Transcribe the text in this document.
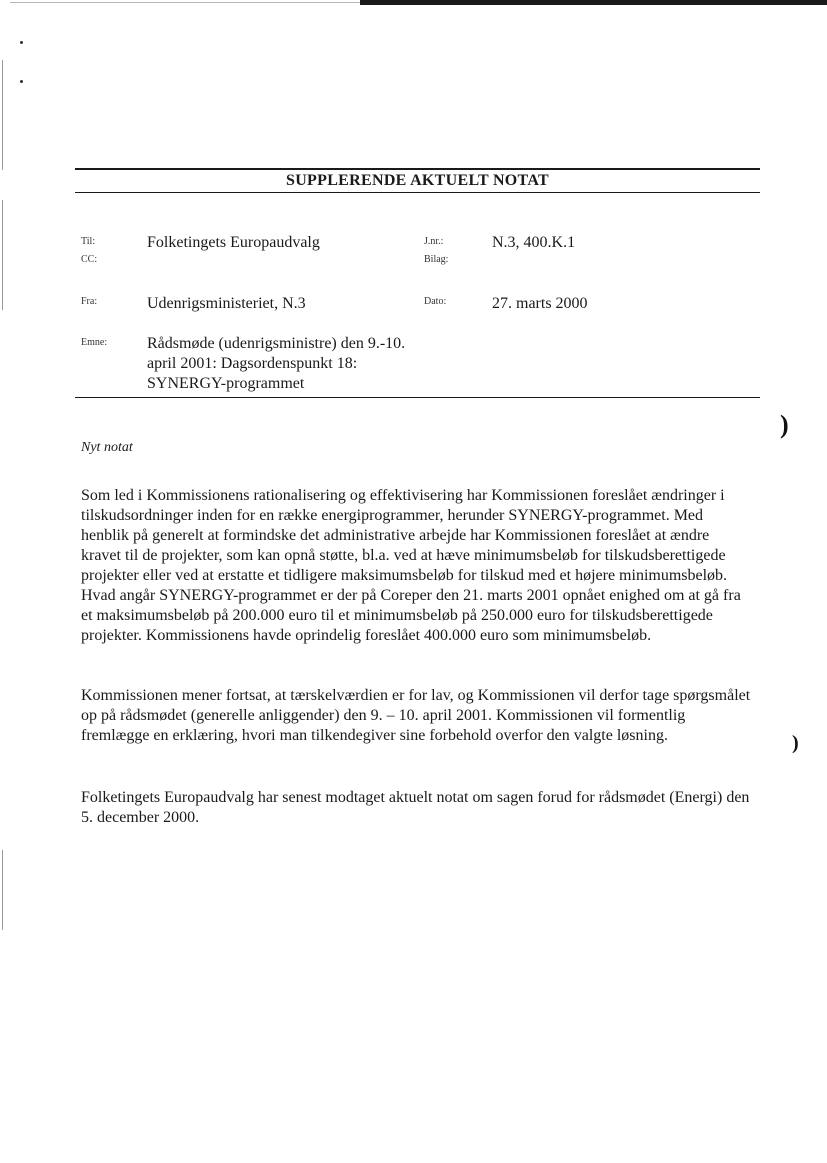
SUPPLERENDE AKTUELT NOTAT
Til:	Folketingets Europaudvalg
CC:
J.nr.:	N.3, 400.K.1
Bilag:
Fra:	Udenrigsministeriet, N.3	Dato:	27. marts 2000
Emne: Rådsmøde (udenrigsministre) den 9.-10. april 2001: Dagsordenspunkt 18: SYNERGY-programmet
Nyt notat
Som led i Kommissionens rationalisering og effektivisering har Kommissionen foreslået ændringer i tilskudsordninger inden for en række energiprogrammer, herunder SYNERGY-programmet. Med henblik på generelt at formindske det administrative arbejde har Kommissionen foreslået at ændre kravet til de projekter, som kan opnå støtte, bl.a. ved at hæve minimumsbeløb for tilskudsberettigede projekter eller ved at erstatte et tidligere maksimumsbeløb for tilskud med et højere minimumsbeløb. Hvad angår SYNERGY-programmet er der på Coreper den 21. marts 2001 opnået enighed om at gå fra et maksimumsbeløb på 200.000 euro til et minimumsbeløb på 250.000 euro for tilskudsberettigede projekter. Kommissionens havde oprindelig foreslået 400.000 euro som minimumsbeløb.
Kommissionen mener fortsat, at tærskelværdien er for lav, og Kommissionen vil derfor tage spørgsmålet op på rådsmødet (generelle anliggender) den 9. – 10. april 2001. Kommissionen vil formentlig fremlægge en erklæring, hvori man tilkendegiver sine forbehold overfor den valgte løsning.
Folketingets Europaudvalg har senest modtaget aktuelt notat om sagen forud for rådsmødet (Energi) den 5. december 2000.
)
)
